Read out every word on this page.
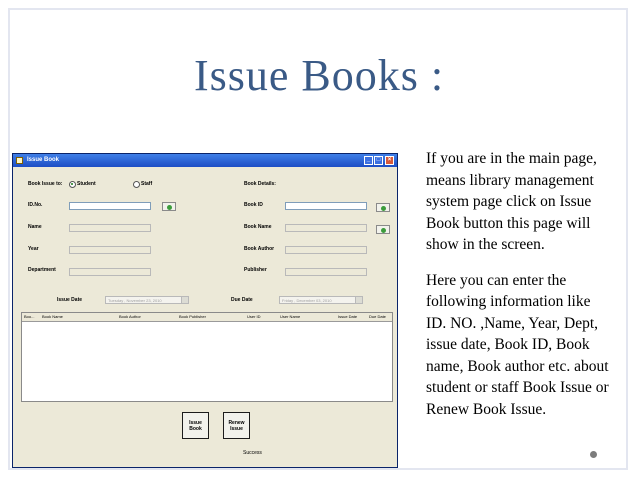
Issue Books :
Issue Book	_	□	×
Book Issue to:	Student	Staff
ID.No.
Name
Year
Department
Book Details:
Book ID
Book Name
Book Author
Publisher
Issue Date	Tuesday , November 23, 2010	Due Date	Friday , December 03, 2010
Boo... Book Name	Book Author	Book Publisher	User ID	User Name	Issue Date	Due Date
Issue
Book
Renew
Issue
Success

If you are in the main page, means library management system page click on Issue Book button this page will show in the screen.

Here you can enter the following information like ID. NO. ,Name, Year, Dept, issue date, Book ID, Book name, Book author etc. about student or staff Book Issue or Renew Book Issue.
